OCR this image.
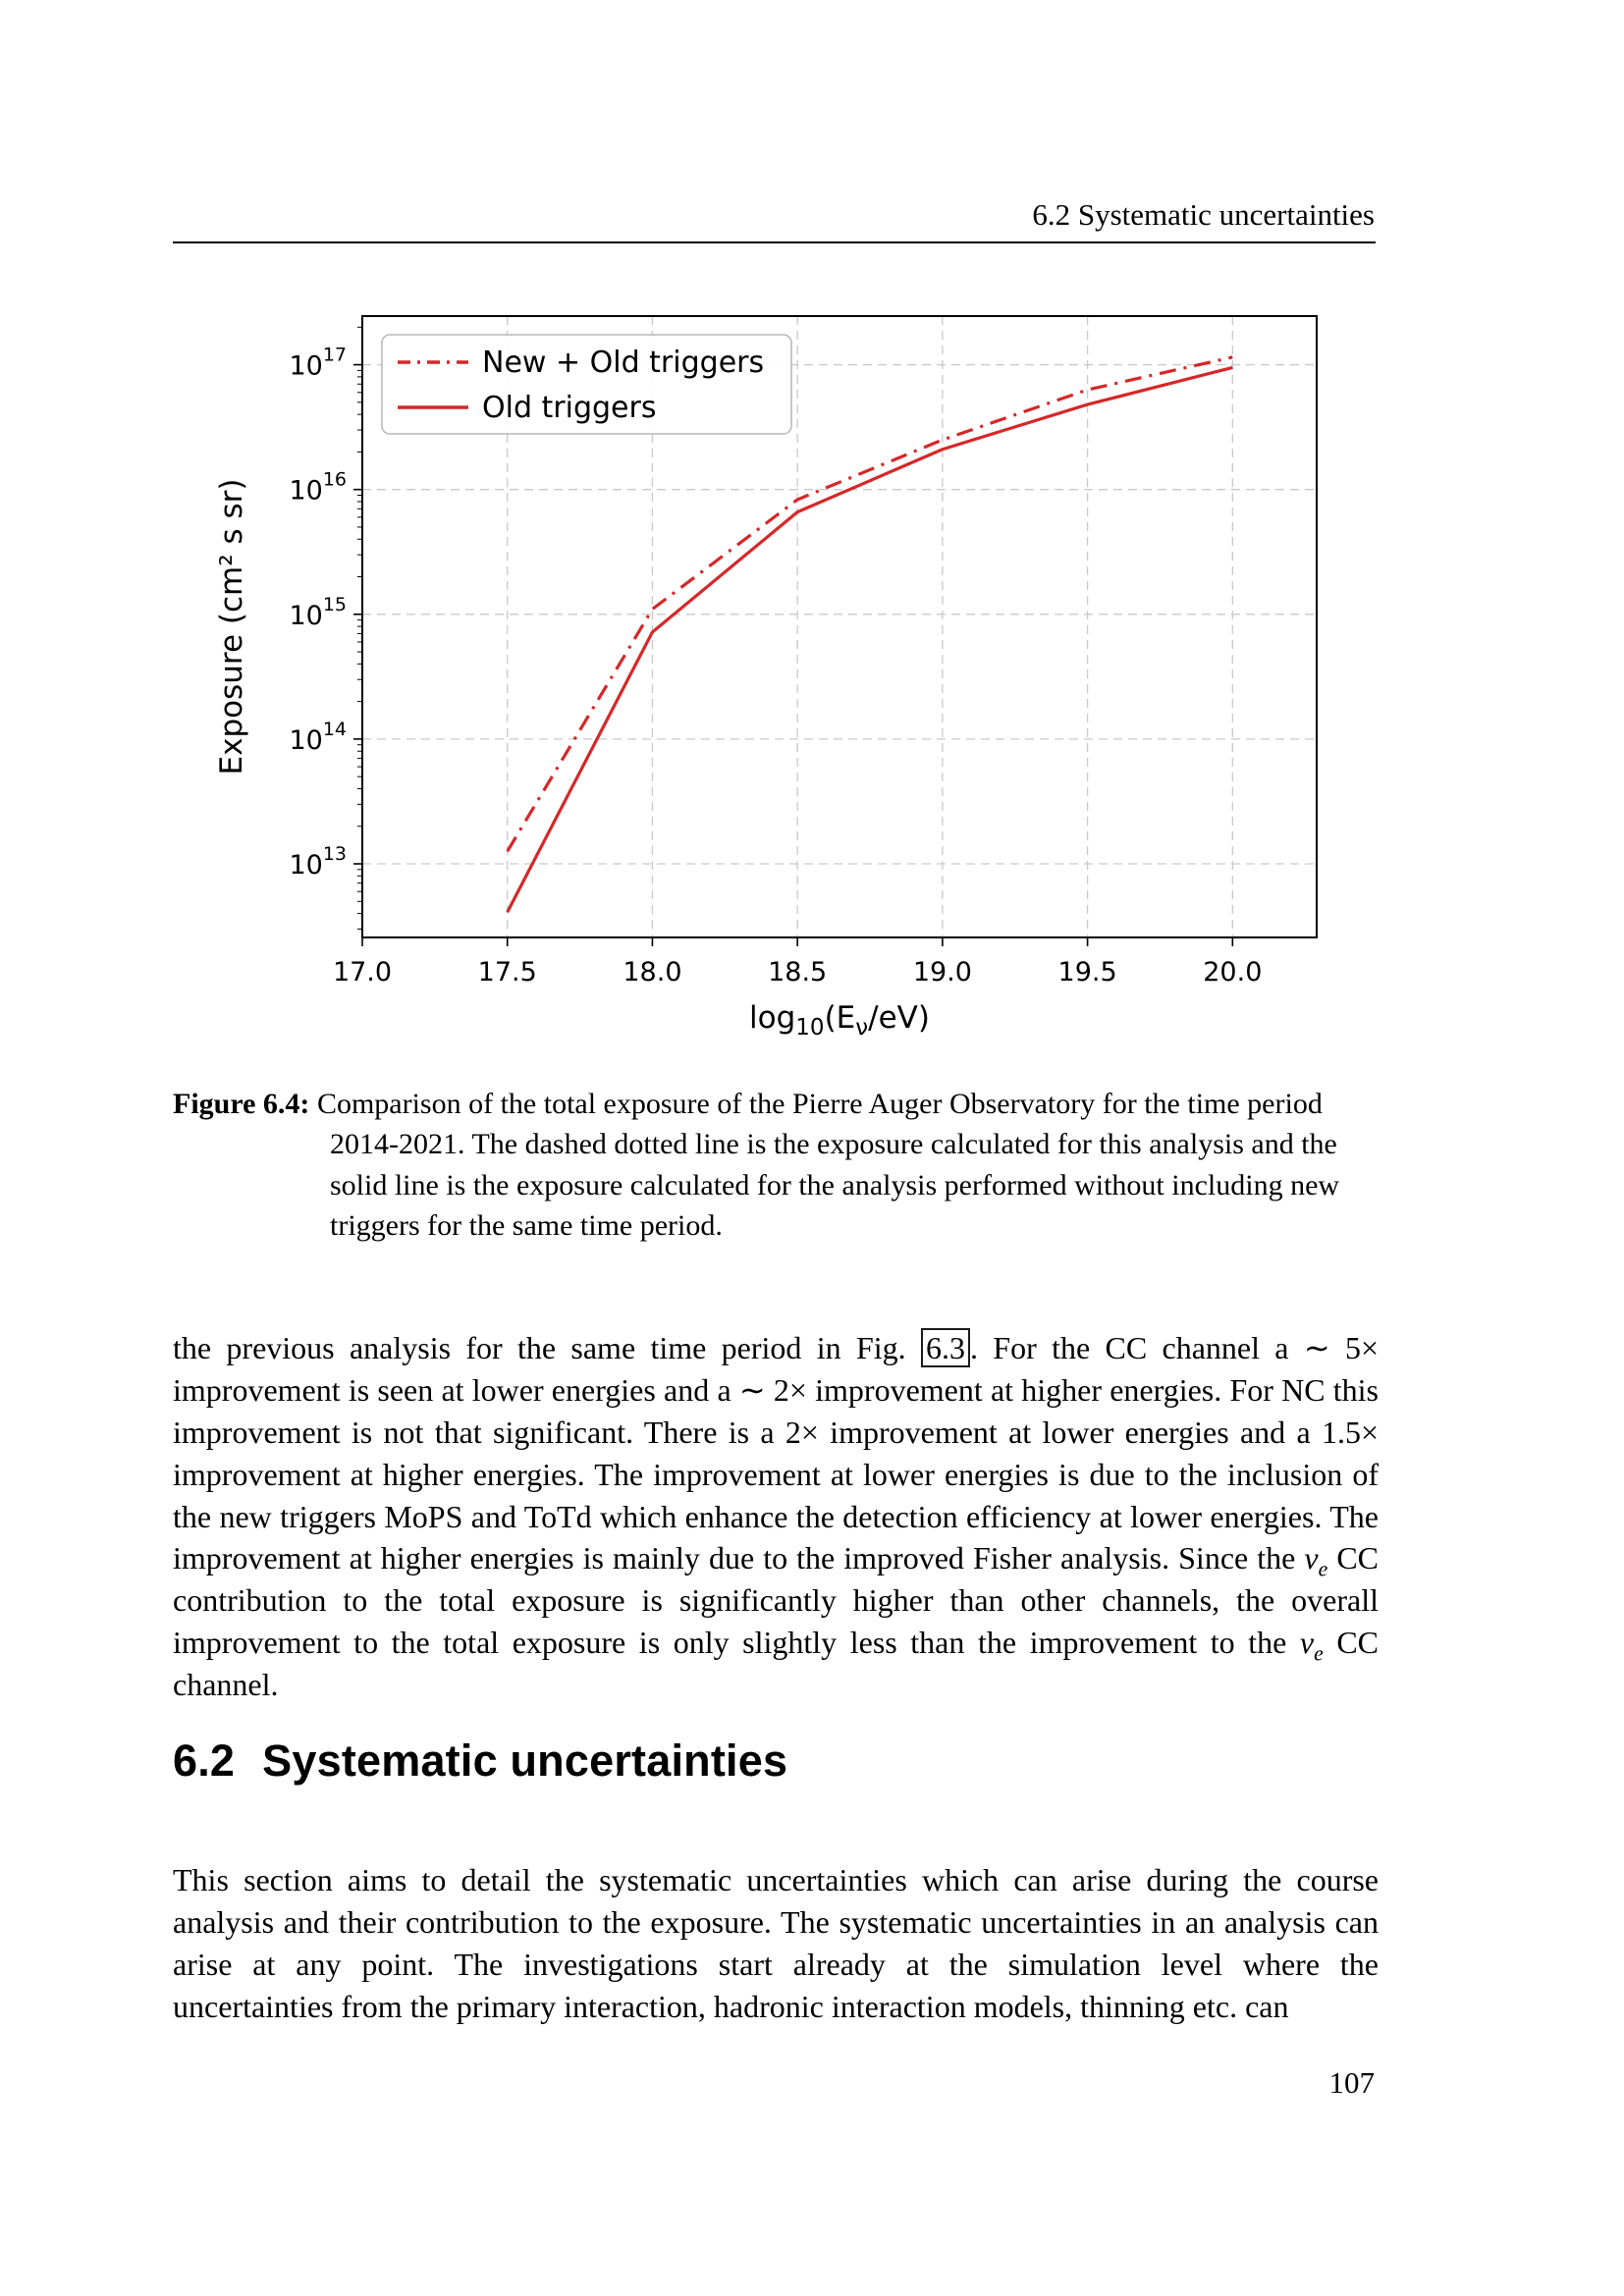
6.2 Systematic uncertainties
17.0	17.5	18.0	18.5	19.0	19.5	20.0
$10^{13}$
$10^{14}$
$10^{15}$
$10^{16}$
$10^{17}$
Exposure (cm² s sr)
$\log_{10}(E_\nu/eV)$
New + Old triggers
Old triggers
Figure 6.4: Comparison of the total exposure of the Pierre Auger Observatory for the time period 2014-2021. The dashed dotted line is the exposure calculated for this analysis and the solid line is the exposure calculated for the analysis performed without including new triggers for the same time period.

the previous analysis for the same time period in Fig. 6.3 . For the CC channel a ∼ 5× improvement is seen at lower energies and a ∼ 2× improvement at higher energies. For NC this improvement is not that significant. There is a 2× improvement at lower energies and a 1.5× improvement at higher energies. The improvement at lower energies is due to the inclusion of the new triggers MoPS and ToTd which enhance the detection efficiency at lower energies. The improvement at higher energies is mainly due to the improved Fisher analysis. Since the $\nu_e$ CC contribution to the total exposure is significantly higher than other channels, the overall improvement to the total exposure is only slightly less than the improvement to the $\nu_e$ CC channel.

6.2 Systematic uncertainties

This section aims to detail the systematic uncertainties which can arise during the course analysis and their contribution to the exposure. The systematic uncertainties in an analysis can arise at any point. The investigations start already at the simulation level where the uncertainties from the primary interaction, hadronic interaction models, thinning etc. can

107
